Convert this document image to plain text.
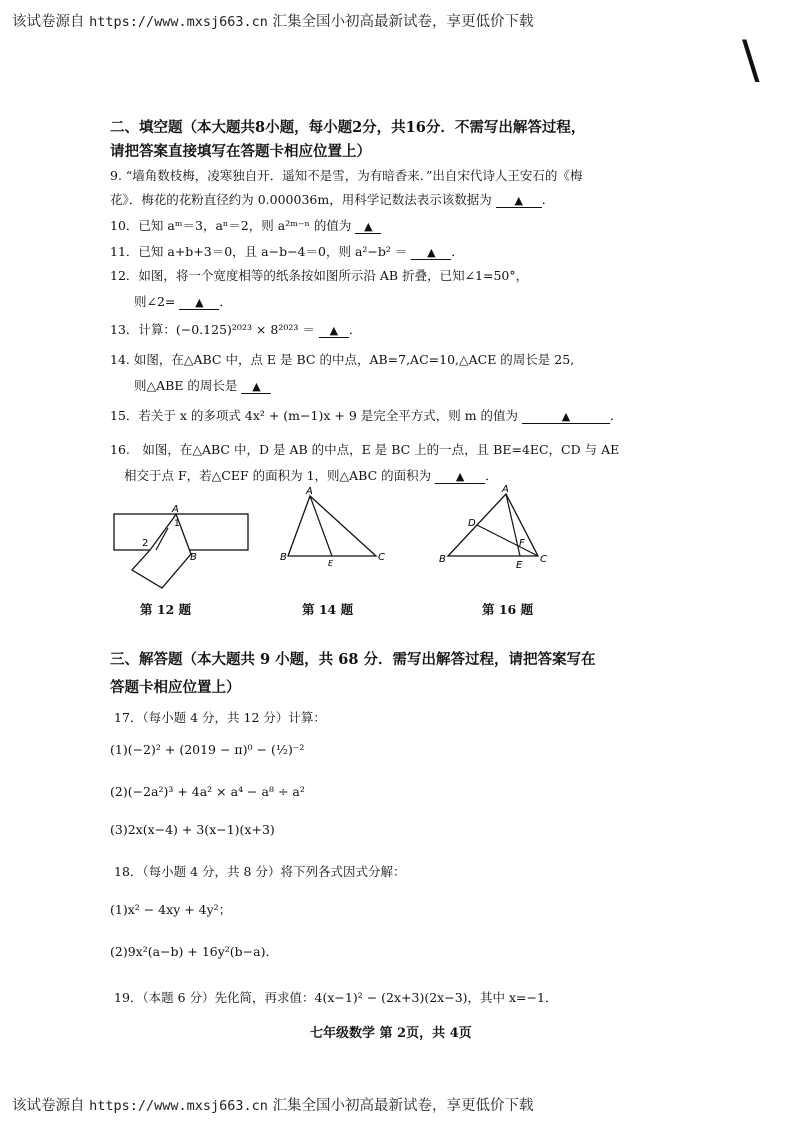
该试卷源自 https://www.mxsj663.cn 汇集全国小初高最新试卷，享更低价下载
\
二、填空题（本大题共8小题，每小题2分，共16分．不需写出解答过程，
请把答案直接填写在答题卡相应位置上）
9. “墙角数枝梅，凌寒独自开．遥知不是雪，为有暗香来．”出自宋代诗人王安石的《梅
花》．梅花的花粉直径约为 0.000036m，用科学记数法表示该数据为 ▲ ．
10．已知 aᵐ＝3，aⁿ＝2，则 a²ᵐ⁻ⁿ 的值为 ▲
11．已知 a+b+3＝0，且 a−b−4＝0，则 a²−b² ＝ ▲ ．
12．如图，将一个宽度相等的纸条按如图所示沿 AB 折叠，已知∠1=50°，
则∠2= ▲ ．
13．计算：(−0.125)²⁰²³ × 8²⁰²³ ＝ ▲ ．
14. 如图，在△ABC 中，点 E 是 BC 的中点，AB=7,AC=10,△ACE 的周长是 25,
则△ABE 的周长是 ▲
15．若关于 x 的多项式 4x² + (m−1)x + 9 是完全平方式，则 m 的值为	▲	．
16.　如图，在△ABC 中，D 是 AB 的中点，E 是 BC 上的一点，且 BE=4EC，CD 与 AE
相交于点 F，若△CEF 的面积为 1，则△ABC 的面积为 ▲ ．
A
1
2
B
第 12 题
A
B	C
E
第 14 题
A
D
F
B
E
C
第 16 题
三、解答题（本大题共 9 小题，共 68 分．需写出解答过程，请把答案写在
答题卡相应位置上）
17．（每小题 4 分，共 12 分）计算：
(1)(−2)² + (2019 − π)⁰ − (½)⁻²
(2)(−2a²)³ + 4a² × a⁴ − a⁸ ÷ a²
(3)2x(x−4) + 3(x−1)(x+3)
18．（每小题 4 分，共 8 分）将下列各式因式分解：
(1)x² − 4xy + 4y²；
(2)9x²(a−b) + 16y²(b−a)．
19．（本题 6 分）先化简，再求值：4(x−1)² − (2x+3)(2x−3)，其中 x=−1．
七年级数学 第 2页，共 4页
该试卷源自 https://www.mxsj663.cn 汇集全国小初高最新试卷，享更低价下载
